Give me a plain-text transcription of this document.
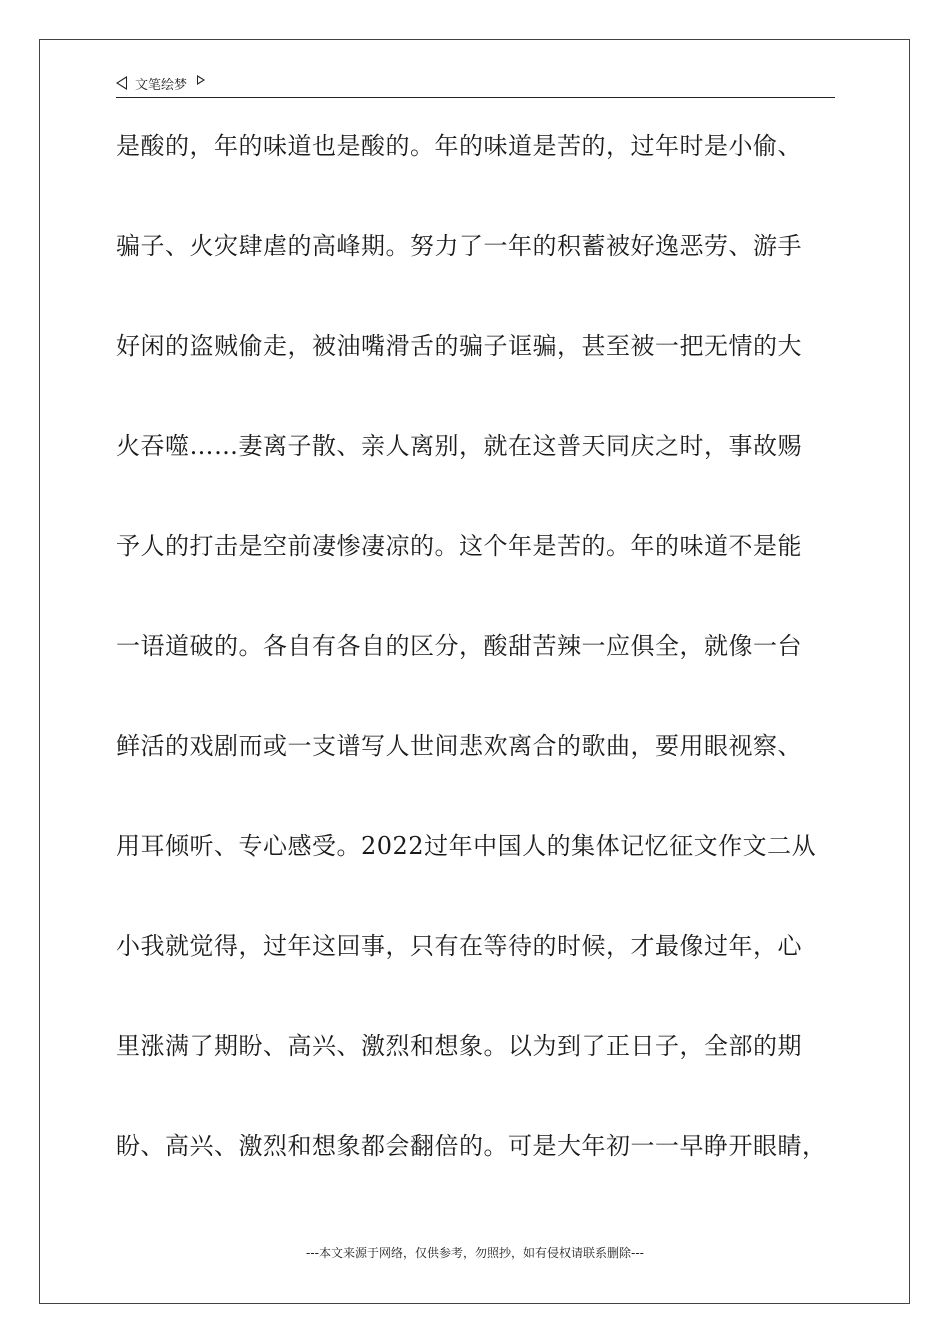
文笔绘梦
是酸的，年的味道也是酸的。年的味道是苦的，过年时是小偷、
骗子、火灾肆虐的高峰期。努力了一年的积蓄被好逸恶劳、游手
好闲的盗贼偷走，被油嘴滑舌的骗子诓骗，甚至被一把无情的大
火吞噬……妻离子散、亲人离别，就在这普天同庆之时，事故赐
予人的打击是空前凄惨凄凉的。这个年是苦的。年的味道不是能
一语道破的。各自有各自的区分，酸甜苦辣一应俱全，就像一台
鲜活的戏剧而或一支谱写人世间悲欢离合的歌曲，要用眼视察、
用耳倾听、专心感受。2022过年中国人的集体记忆征文作文二从
小我就觉得，过年这回事，只有在等待的时候，才最像过年，心
里涨满了期盼、高兴、激烈和想象。以为到了正日子，全部的期
盼、高兴、激烈和想象都会翻倍的。可是大年初一一早睁开眼睛，
---本文来源于网络，仅供参考，勿照抄，如有侵权请联系删除---
